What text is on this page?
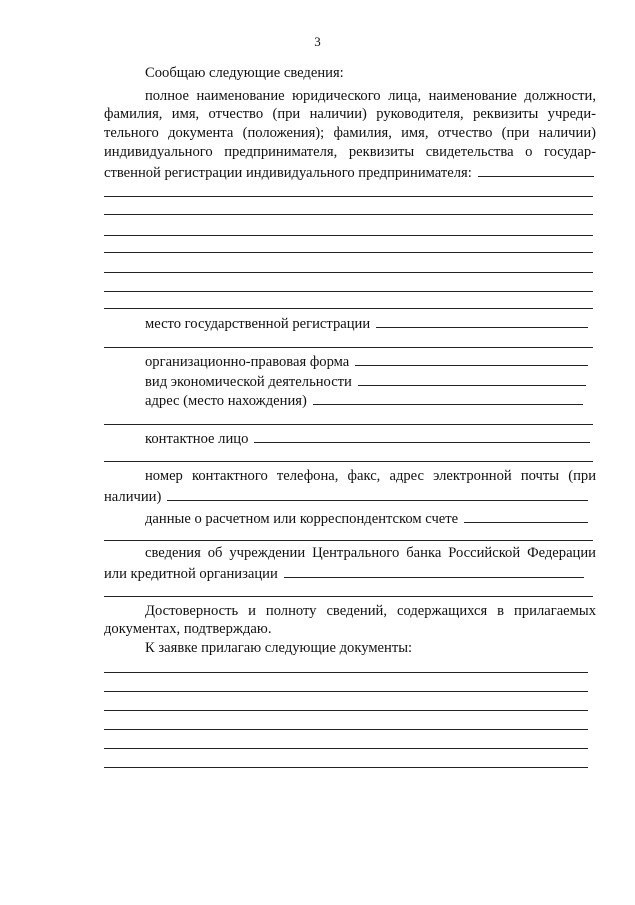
3
Сообщаю следующие сведения:
полное наименование юридического лица, наименование должности,
фамилия, имя, отчество (при наличии) руководителя, реквизиты учреди-
тельного документа (положения); фамилия, имя, отчество (при наличии)
индивидуального предпринимателя, реквизиты свидетельства о государ-
ственной регистрации индивидуального предпринимателя:
место государственной регистрации
организационно-правовая форма
вид экономической деятельности
адрес (место нахождения)
контактное лицо
номер контактного телефона, факс, адрес электронной почты (при
наличии)
данные о расчетном или корреспондентском счете
сведения об учреждении Центрального банка Российской Федерации
или кредитной организации
Достоверность и полноту сведений, содержащихся в прилагаемых
документах, подтверждаю.
К заявке прилагаю следующие документы:
